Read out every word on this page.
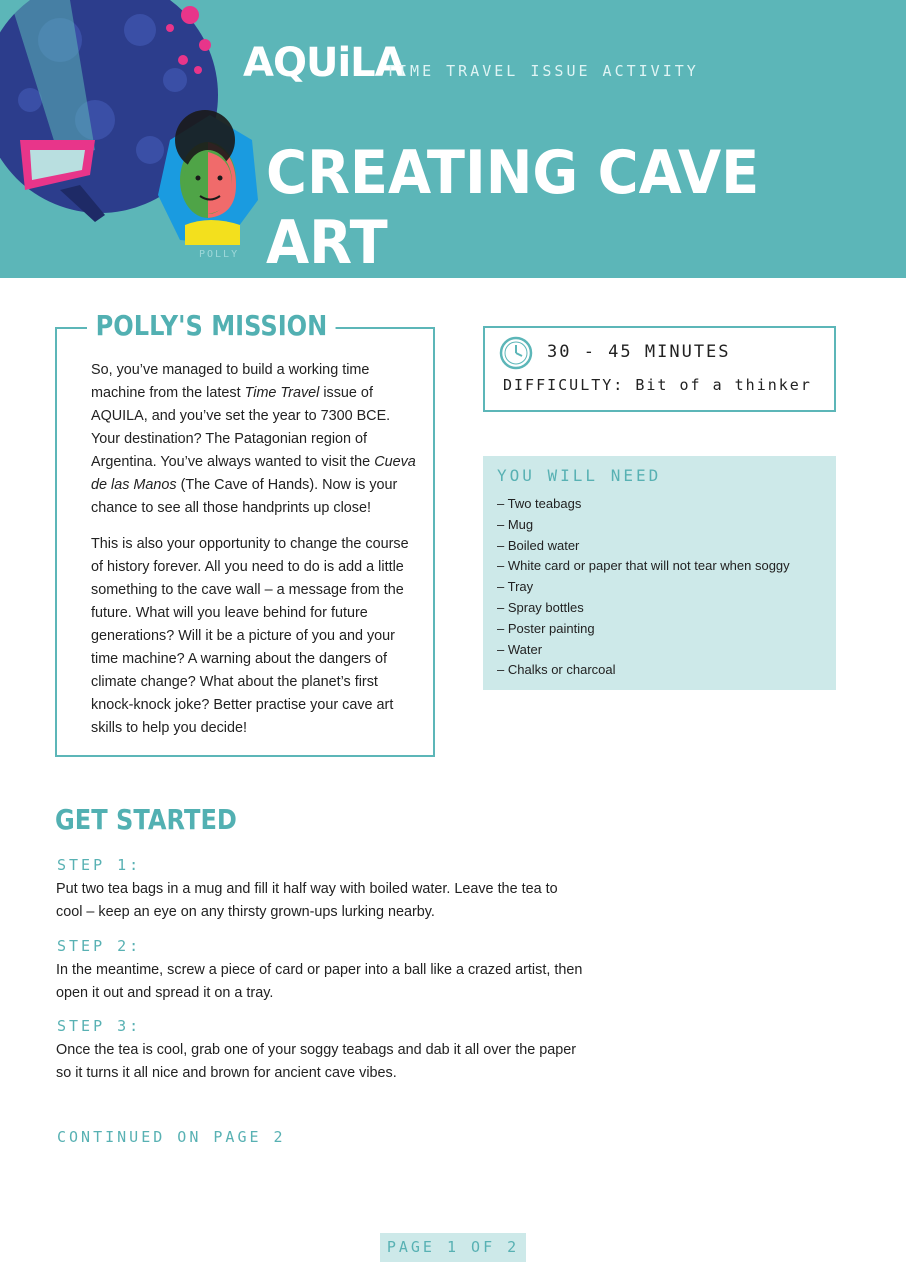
AQUiLA
TIME TRAVEL ISSUE ACTIVITY
CREATING CAVE ART
POLLY
POLLY'S MISSION

So, you’ve managed to build a working time machine from the latest Time Travel issue of AQUILA, and you’ve set the year to 7300 BCE. Your destination? The Patagonian region of Argentina. You’ve always wanted to visit the Cueva de las Manos (The Cave of Hands). Now is your chance to see all those handprints up close!

This is also your opportunity to change the course of history forever. All you need to do is add a little something to the cave wall – a message from the future. What will you leave behind for future generations? Will it be a picture of you and your time machine? A warning about the dangers of climate change? What about the planet’s first knock-knock joke? Better practise your cave art skills to help you decide!

30 - 45 MINUTES
DIFFICULTY: Bit of a thinker
YOU WILL NEED
– Two teabags
– Mug
– Boiled water
– White card or paper that will not tear when soggy
– Tray
– Spray bottles
– Poster painting
– Water
– Chalks or charcoal
GET STARTED
STEP 1:
Put two tea bags in a mug and fill it half way with boiled water. Leave the tea to cool – keep an eye on any thirsty grown-ups lurking nearby.
STEP 2:
In the meantime, screw a piece of card or paper into a ball like a crazed artist, then open it out and spread it on a tray.
STEP 3:
Once the tea is cool, grab one of your soggy teabags and dab it all over the paper so it turns it all nice and brown for ancient cave vibes.
CONTINUED ON PAGE 2
PAGE 1 OF 2
